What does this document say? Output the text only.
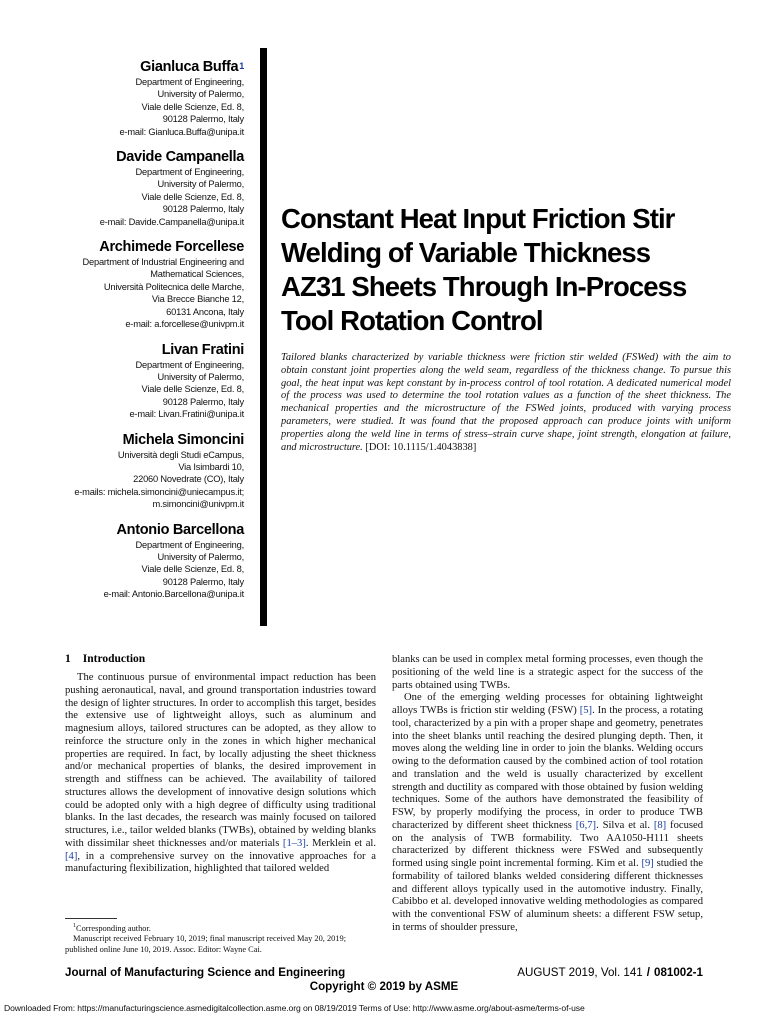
Gianluca Buffa$^1$
Department of Engineering,
University of Palermo,
Viale delle Scienze, Ed. 8,
90128 Palermo, Italy
e-mail: Gianluca.Buffa@unipa.it
Davide Campanella
Department of Engineering,
University of Palermo,
Viale delle Scienze, Ed. 8,
90128 Palermo, Italy
e-mail: Davide.Campanella@unipa.it
Archimede Forcellese
Department of Industrial Engineering and
Mathematical Sciences,
Università Politecnica delle Marche,
Via Brecce Bianche 12,
60131 Ancona, Italy
e-mail: a.forcellese@univpm.it
Livan Fratini
Department of Engineering,
University of Palermo,
Viale delle Scienze, Ed. 8,
90128 Palermo, Italy
e-mail: Livan.Fratini@unipa.it
Michela Simoncini
Università degli Studi eCampus,
Via Isimbardi 10,
22060 Novedrate (CO), Italy
e-mails: michela.simoncini@uniecampus.it;
m.simoncini@univpm.it
Antonio Barcellona
Department of Engineering,
University of Palermo,
Viale delle Scienze, Ed. 8,
90128 Palermo, Italy
e-mail: Antonio.Barcellona@unipa.it
Constant Heat Input Friction Stir
Welding of Variable Thickness
AZ31 Sheets Through In-Process
Tool Rotation Control
Tailored blanks characterized by variable thickness were friction stir welded (FSWed) with the aim to obtain constant joint properties along the weld seam, regardless of the thickness change. To pursue this goal, the heat input was kept constant by in-process control of tool rotation. A dedicated numerical model of the process was used to determine the tool rotation values as a function of the sheet thickness. The mechanical properties and the microstructure of the FSWed joints, produced with varying process parameters, were studied. It was found that the proposed approach can produce joints with uniform properties along the weld line in terms of stress–strain curve shape, joint strength, elongation at failure, and microstructure. [DOI: 10.1115/1.4043838]
1 Introduction

The continuous pursue of environmental impact reduction has been pushing aeronautical, naval, and ground transportation industries toward the design of lighter structures. In order to accomplish this target, besides the extensive use of lightweight alloys, such as aluminum and magnesium alloys, tailored structures can be adopted, as they allow to reinforce the structure only in the zones in which higher mechanical properties are required. In fact, by locally adjusting the sheet thickness and/or mechanical properties of blanks, the desired improvement in strength and stiffness can be achieved. The availability of tailored structures allows the development of innovative design solutions which could be adopted only with a high degree of difficulty using traditional blanks. In the last decades, the research was mainly focused on tailored structures, i.e., tailor welded blanks (TWBs), obtained by welding blanks with dissimilar sheet thicknesses and/or materials [1–3]. Merklein et al. [4], in a comprehensive survey on the innovative approaches for a manufacturing flexibilization, highlighted that tailored welded

blanks can be used in complex metal forming processes, even though the positioning of the weld line is a strategic aspect for the success of the parts obtained using TWBs.

One of the emerging welding processes for obtaining lightweight alloys TWBs is friction stir welding (FSW) [5]. In the process, a rotating tool, characterized by a pin with a proper shape and geometry, penetrates into the sheet blanks until reaching the desired plunging depth. Then, it moves along the welding line in order to join the blanks. Welding occurs owing to the deformation caused by the combined action of tool rotation and translation and the weld is usually characterized by excellent strength and ductility as compared with those obtained by fusion welding techniques. Some of the authors have demonstrated the feasibility of FSW, by properly modifying the process, in order to produce TWB characterized by different sheet thickness [6,7]. Silva et al. [8] focused on the analysis of TWB formability. Two AA1050-H111 sheets characterized by different thickness were FSWed and subsequently formed using single point incremental forming. Kim et al. [9] studied the formability of tailored blanks welded considering different thicknesses and different alloys typically used in the automotive industry. Finally, Cabibbo et al. developed innovative welding methodologies as compared with the conventional FSW of aluminum sheets: a different FSW setup, in terms of shoulder pressure,

$^1$Corresponding author.

Manuscript received February 10, 2019; final manuscript received May 20, 2019; published online June 10, 2019. Assoc. Editor: Wayne Cai.

Journal of Manufacturing Science and Engineering	AUGUST 2019, Vol. 141 / 081002-1
Copyright © 2019 by ASME
Downloaded From: https://manufacturingscience.asmedigitalcollection.asme.org on 08/19/2019 Terms of Use: http://www.asme.org/about-asme/terms-of-use
